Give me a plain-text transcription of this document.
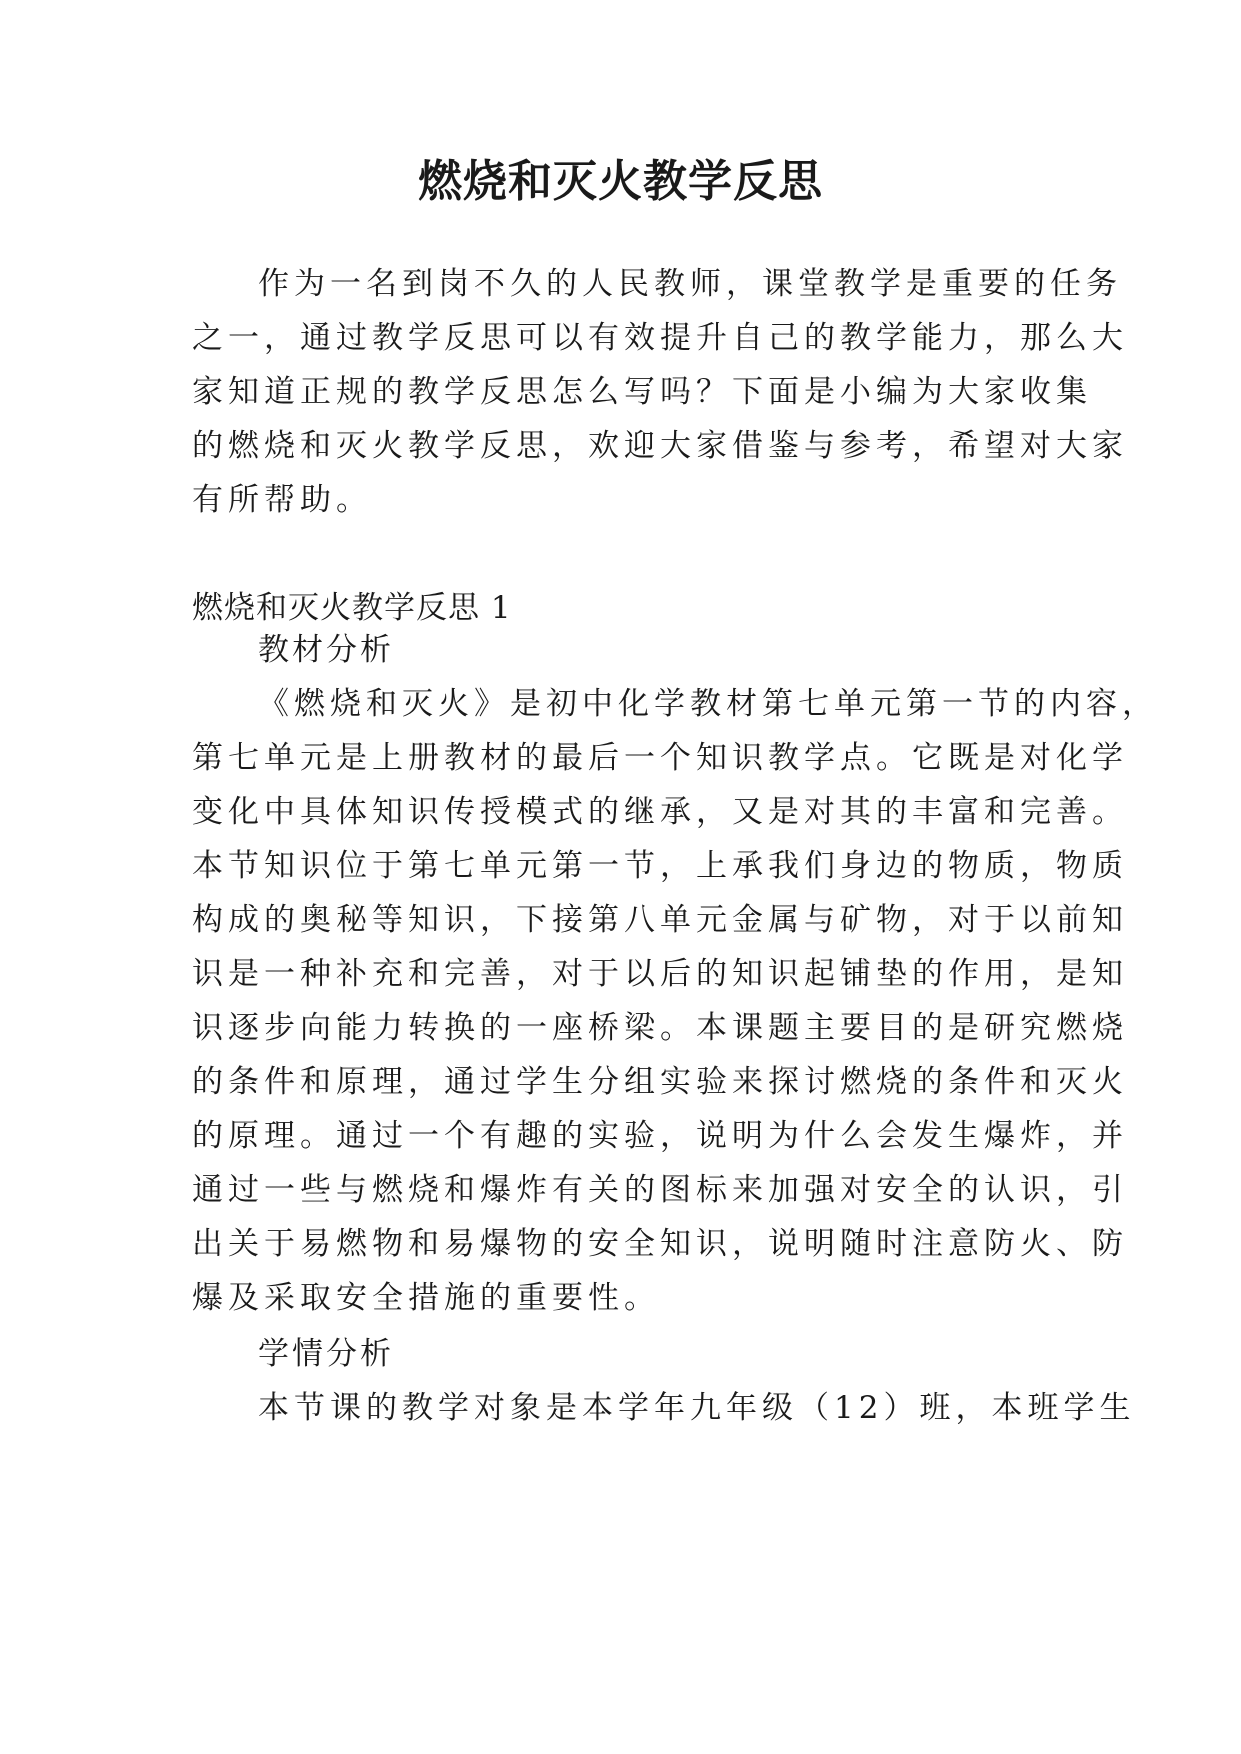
燃烧和灭火教学反思

作为一名到岗不久的人民教师，课堂教学是重要的任务

之一，通过教学反思可以有效提升自己的教学能力，那么大

家知道正规的教学反思怎么写吗？下面是小编为大家收集

的燃烧和灭火教学反思，欢迎大家借鉴与参考，希望对大家

有所帮助。

燃烧和灭火教学反思 1

教材分析

《燃烧和灭火》是初中化学教材第七单元第一节的内容，

第七单元是上册教材的最后一个知识教学点。它既是对化学

变化中具体知识传授模式的继承，又是对其的丰富和完善。

本节知识位于第七单元第一节，上承我们身边的物质，物质

构成的奥秘等知识，下接第八单元金属与矿物，对于以前知

识是一种补充和完善，对于以后的知识起铺垫的作用，是知

识逐步向能力转换的一座桥梁。本课题主要目的是研究燃烧

的条件和原理，通过学生分组实验来探讨燃烧的条件和灭火

的原理。通过一个有趣的实验，说明为什么会发生爆炸，并

通过一些与燃烧和爆炸有关的图标来加强对安全的认识，引

出关于易燃物和易爆物的安全知识，说明随时注意防火、防

爆及采取安全措施的重要性。

学情分析

本节课的教学对象是本学年九年级（12）班，本班学生
